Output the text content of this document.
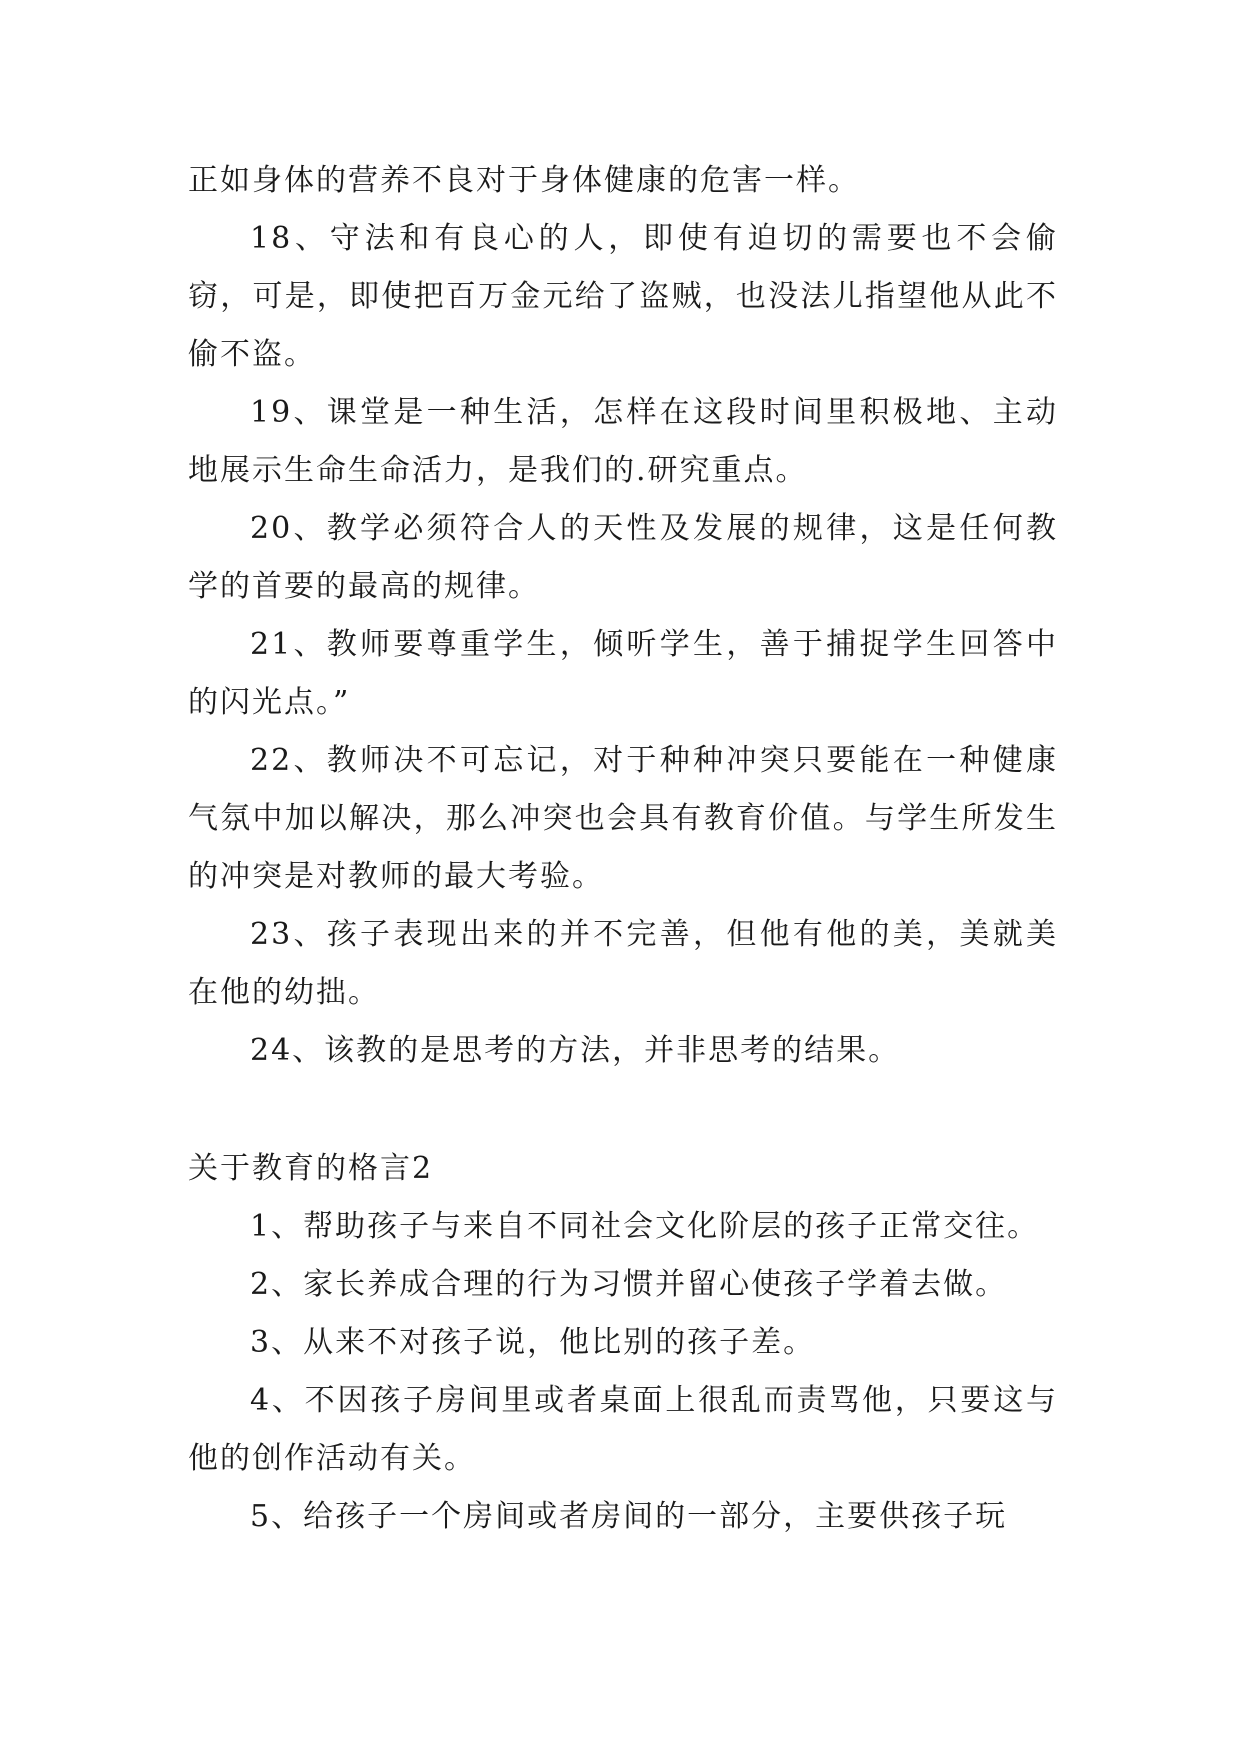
正如身体的营养不良对于身体健康的危害一样。

18、守法和有良心的人，即使有迫切的需要也不会偷窃，可是，即使把百万金元给了盗贼，也没法儿指望他从此不偷不盗。

19、课堂是一种生活，怎样在这段时间里积极地、主动地展示生命生命活力，是我们的.研究重点。

20、教学必须符合人的天性及发展的规律，这是任何教学的首要的最高的规律。

21、教师要尊重学生，倾听学生，善于捕捉学生回答中的闪光点。”

22、教师决不可忘记，对于种种冲突只要能在一种健康气氛中加以解决，那么冲突也会具有教育价值。与学生所发生的冲突是对教师的最大考验。

23、孩子表现出来的并不完善，但他有他的美，美就美在他的幼拙。

24、该教的是思考的方法，并非思考的结果。

关于教育的格言2

1、帮助孩子与来自不同社会文化阶层的孩子正常交往。

2、家长养成合理的行为习惯并留心使孩子学着去做。

3、从来不对孩子说，他比别的孩子差。

4、不因孩子房间里或者桌面上很乱而责骂他，只要这与他的创作活动有关。

5、给孩子一个房间或者房间的一部分，主要供孩子玩
